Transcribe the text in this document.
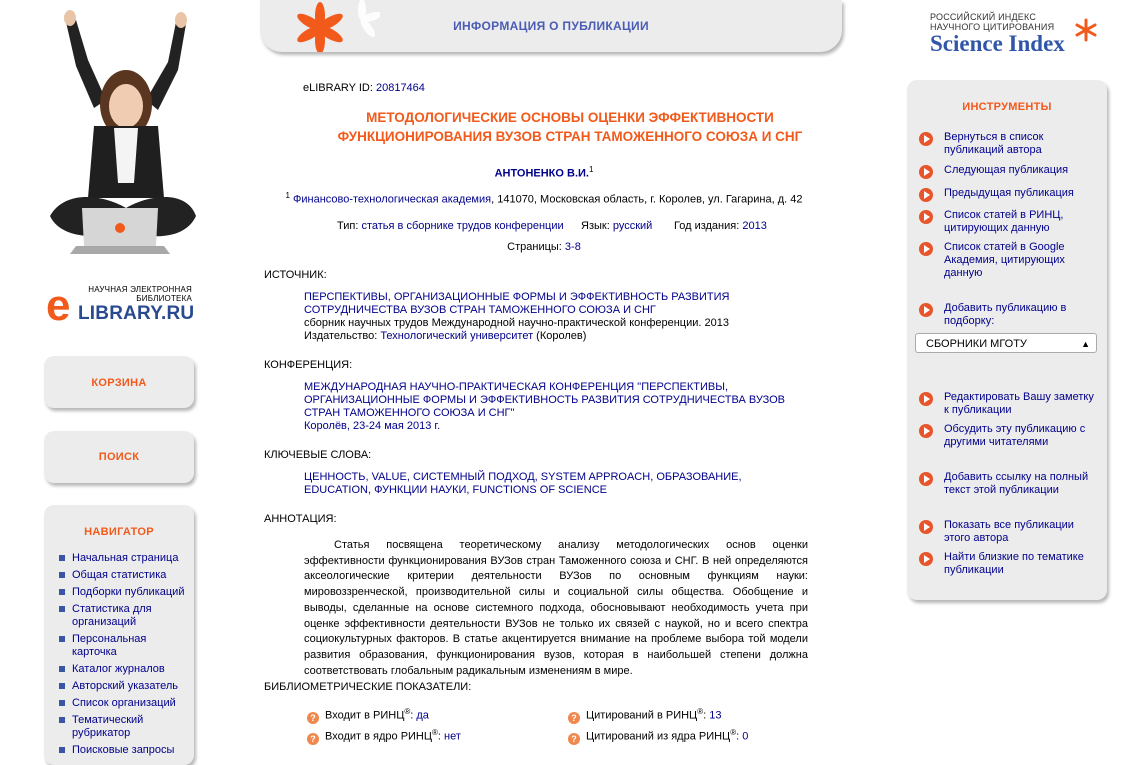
НАУЧНАЯ ЭЛЕКТРОННАЯ
БИБЛИОТЕКА
e LIBRARY.RU
КОРЗИНА
ПОИСК
НАВИГАТОР
Начальная страница
Общая статистика
Подборки публикаций
Статистика для организаций
Персональная карточка
Каталог журналов
Авторский указатель
Список организаций
Тематический рубрикатор
Поисковые запросы
ИНФОРМАЦИЯ О ПУБЛИКАЦИИ
РОССИЙСКИЙ ИНДЕКС
НАУЧНОГО ЦИТИРОВАНИЯ
Science Index
eLIBRARY ID: 20817464
МЕТОДОЛОГИЧЕСКИЕ ОСНОВЫ ОЦЕНКИ ЭФФЕКТИВНОСТИ ФУНКЦИОНИРОВАНИЯ ВУЗОВ СТРАН ТАМОЖЕННОГО СОЮЗА И СНГ
АНТОНЕНКО В.И.$^1$
$^1$ Финансово-технологическая академия, 141070, Московская область, г. Королев, ул. Гагарина, д. 42
Тип: статья в сборнике трудов конференции Язык: русский Год издания: 2013
Страницы: 3-8
ИСТОЧНИК:
ПЕРСПЕКТИВЫ, ОРГАНИЗАЦИОННЫЕ ФОРМЫ И ЭФФЕКТИВНОСТЬ РАЗВИТИЯ СОТРУДНИЧЕСТВА ВУЗОВ СТРАН ТАМОЖЕННОГО СОЮЗА И СНГ
сборник научных трудов Международной научно-практической конференции. 2013
Издательство: Технологический университет (Королев)
КОНФЕРЕНЦИЯ:
МЕЖДУНАРОДНАЯ НАУЧНО-ПРАКТИЧЕСКАЯ КОНФЕРЕНЦИЯ "ПЕРСПЕКТИВЫ, ОРГАНИЗАЦИОННЫЕ ФОРМЫ И ЭФФЕКТИВНОСТЬ РАЗВИТИЯ СОТРУДНИЧЕСТВА ВУЗОВ СТРАН ТАМОЖЕННОГО СОЮЗА И СНГ"
Королёв, 23-24 мая 2013 г.
КЛЮЧЕВЫЕ СЛОВА:
ЦЕННОСТЬ, VALUE, СИСТЕМНЫЙ ПОДХОД, SYSTEM APPROACH, ОБРАЗОВАНИЕ, EDUCATION, ФУНКЦИИ НАУКИ, FUNCTIONS OF SCIENCE
АННОТАЦИЯ:
Статья посвящена теоретическому анализу методологических основ оценки эффективности функционирования ВУЗов стран Таможенного союза и СНГ. В ней определяются аксеологические критерии деятельности ВУЗов по основным функциям науки: мировоззренческой, производительной силы и социальной силы общества. Обобщение и выводы, сделанные на основе системного подхода, обосновывают необходимость учета при оценке эффективности деятельности ВУЗов не только их связей с наукой, но и всего спектра социокультурных факторов. В статье акцентируется внимание на проблеме выбора той модели развития образования, функционирования вузов, которая в наибольшей степени должна соответствовать глобальным радикальным изменениям в мире.
БИБЛИОМЕТРИЧЕСКИЕ ПОКАЗАТЕЛИ:
? Входит в РИНЦ®: да	? Цитирований в РИНЦ®: 13
? Входит в ядро РИНЦ®: нет	? Цитирований из ядра РИНЦ®: 0
ИНСТРУМЕНТЫ
Вернуться в список публикаций автора
Следующая публикация
Предыдущая публикация
Список статей в РИНЦ, цитирующих данную
Список статей в Google Академия, цитирующих данную
Добавить публикацию в подборку:
Редактировать Вашу заметку к публикации
Обсудить эту публикацию с другими читателями
Добавить ссылку на полный текст этой публикации
Показать все публикации этого автора
Найти близкие по тематике публикации
СБОРНИКИ МГОТУ	▲
